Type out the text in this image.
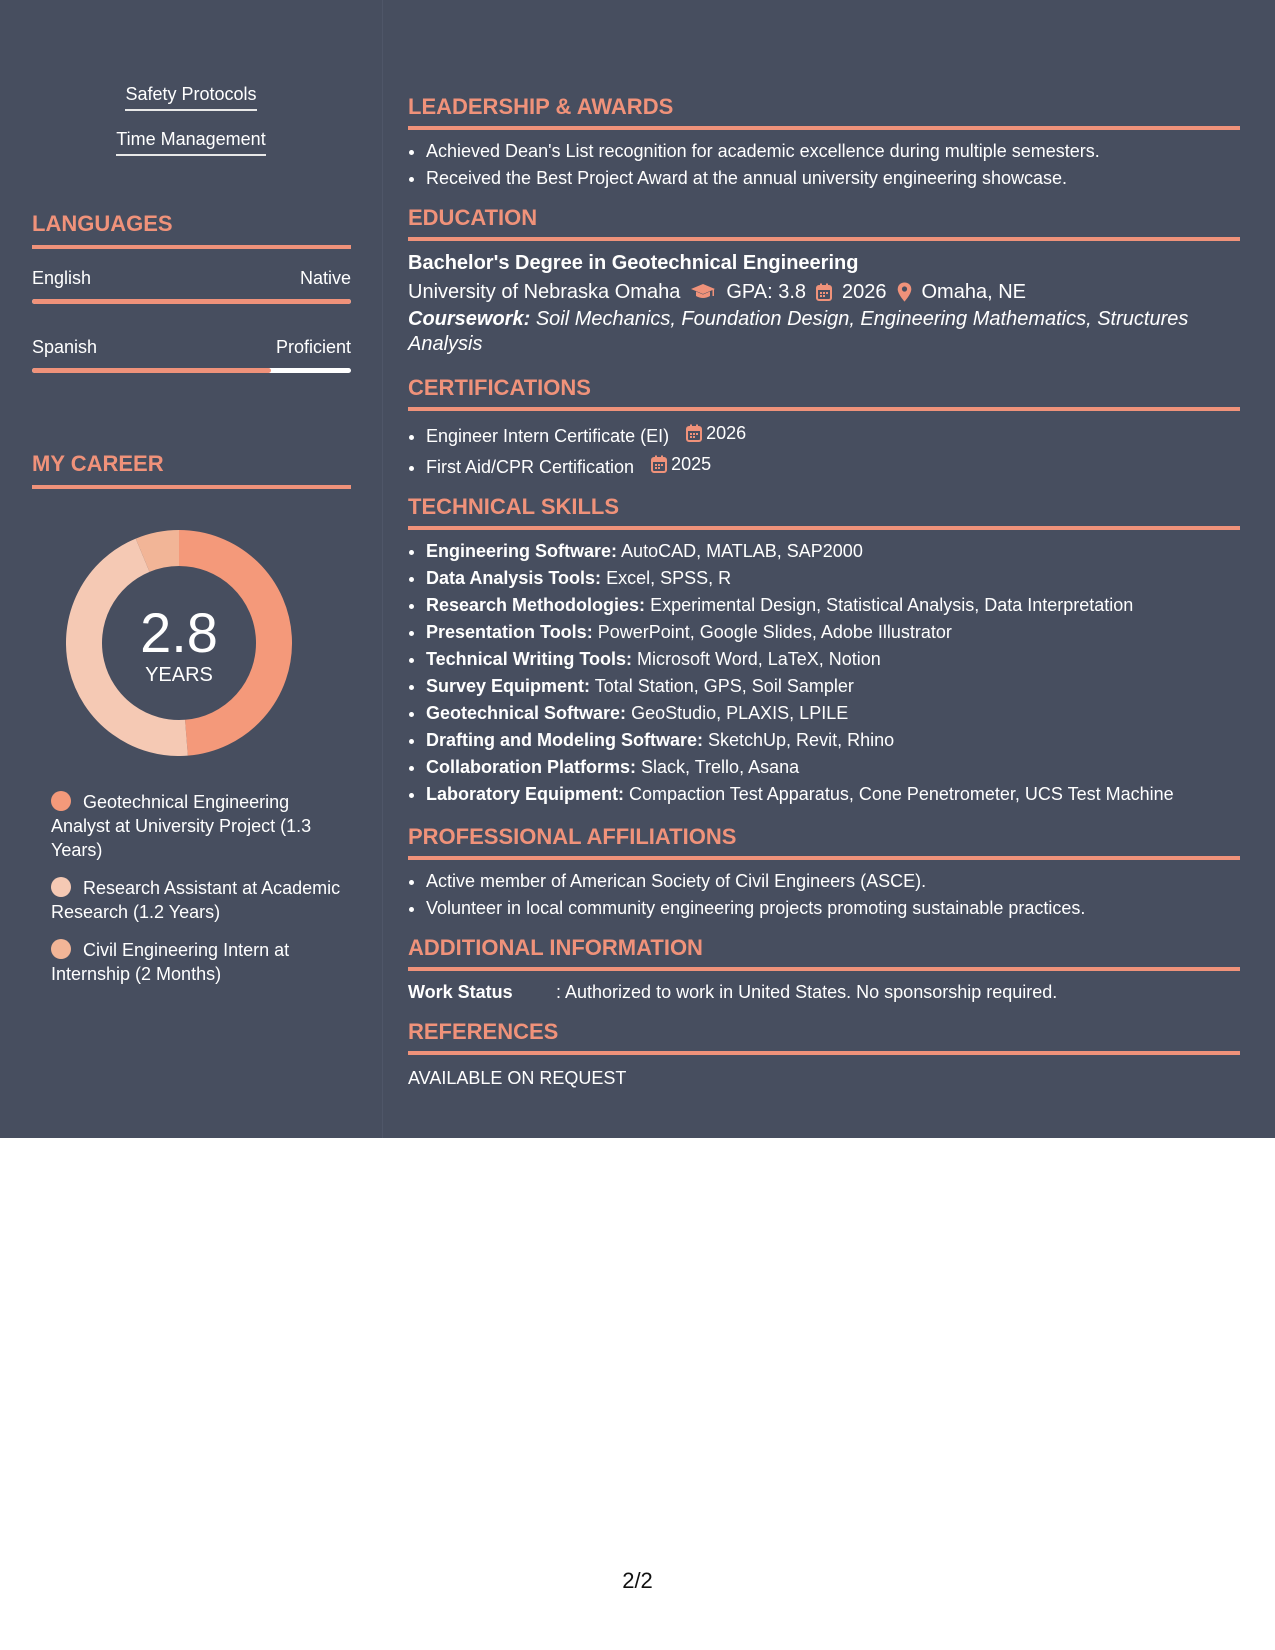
Safety Protocols
Time Management
LANGUAGES
English	Native
Spanish	Proficient
MY CAREER
2.8
YEARS
Geotechnical Engineering Analyst at University Project (1.3 Years)
Research Assistant at Academic Research (1.2 Years)
Civil Engineering Intern at Internship (2 Months)
LEADERSHIP & AWARDS
• Achieved Dean's List recognition for academic excellence during multiple semesters.
• Received the Best Project Award at the annual university engineering showcase.
EDUCATION
Bachelor's Degree in Geotechnical Engineering
University of Nebraska Omaha GPA: 3.8 2026 Omaha, NE
Coursework: Soil Mechanics, Foundation Design, Engineering Mathematics, Structures Analysis
CERTIFICATIONS
• Engineer Intern Certificate (EI) 2026
• First Aid/CPR Certification 2025
TECHNICAL SKILLS
• Engineering Software: AutoCAD, MATLAB, SAP2000
• Data Analysis Tools: Excel, SPSS, R
• Research Methodologies: Experimental Design, Statistical Analysis, Data Interpretation
• Presentation Tools: PowerPoint, Google Slides, Adobe Illustrator
• Technical Writing Tools: Microsoft Word, LaTeX, Notion
• Survey Equipment: Total Station, GPS, Soil Sampler
• Geotechnical Software: GeoStudio, PLAXIS, LPILE
• Drafting and Modeling Software: SketchUp, Revit, Rhino
• Collaboration Platforms: Slack, Trello, Asana
• Laboratory Equipment: Compaction Test Apparatus, Cone Penetrometer, UCS Test Machine
PROFESSIONAL AFFILIATIONS
• Active member of American Society of Civil Engineers (ASCE).
• Volunteer in local community engineering projects promoting sustainable practices.
ADDITIONAL INFORMATION
Work Status	: Authorized to work in United States. No sponsorship required.
REFERENCES
AVAILABLE ON REQUEST
2/2
